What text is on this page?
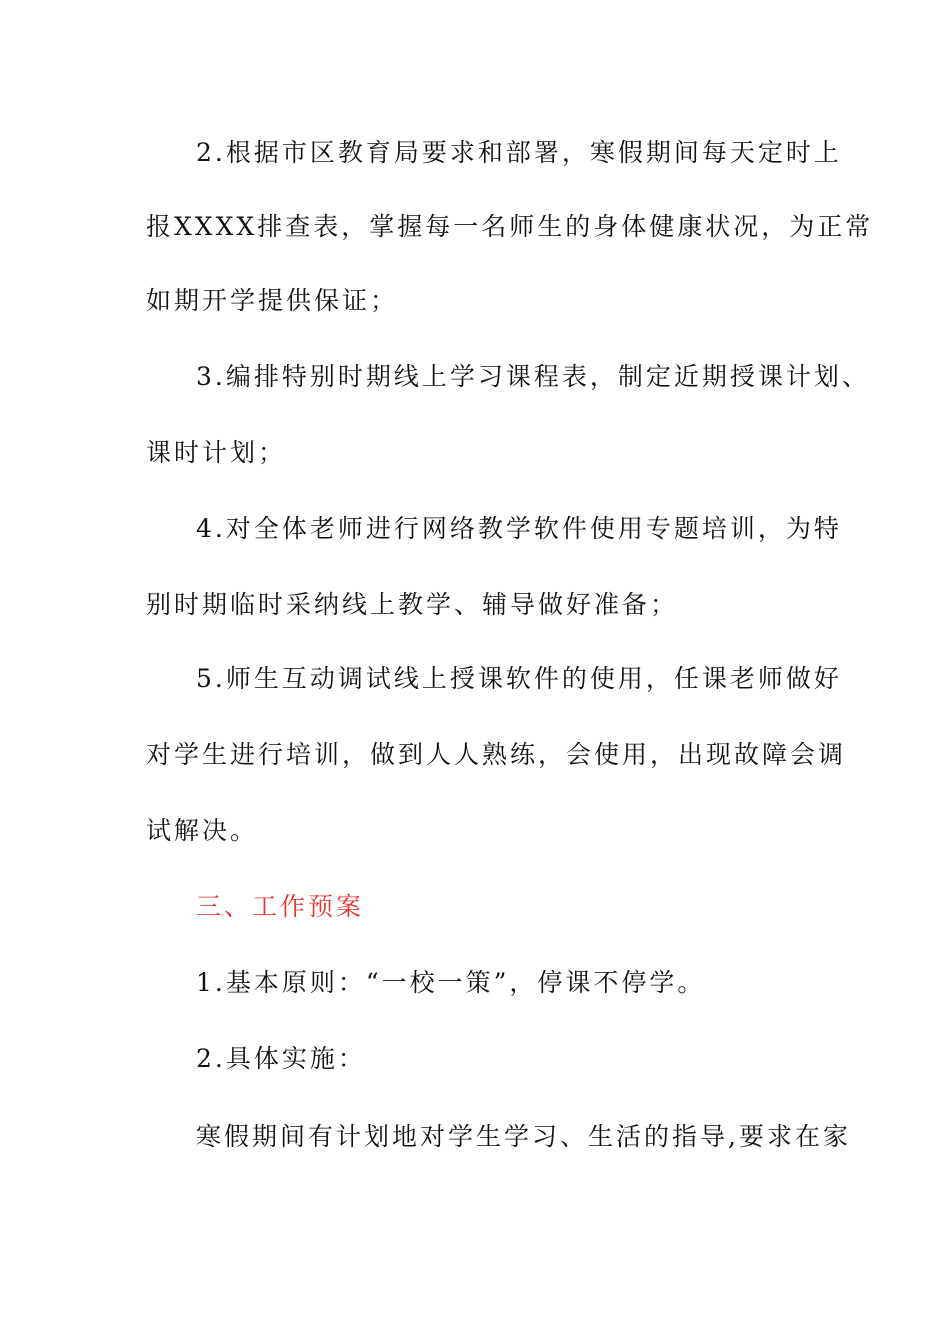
2.根据市区教育局要求和部署，寒假期间每天定时上
报XXXX排查表，掌握每一名师生的身体健康状况，为正常
如期开学提供保证；
3.编排特别时期线上学习课程表，制定近期授课计划、
课时计划；
4.对全体老师进行网络教学软件使用专题培训，为特
别时期临时采纳线上教学、辅导做好准备；
5.师生互动调试线上授课软件的使用，任课老师做好
对学生进行培训，做到人人熟练，会使用，出现故障会调
试解决。
三、工作预案
1.基本原则：“一校一策”，停课不停学。
2.具体实施：
寒假期间有计划地对学生学习、生活的指导,要求在家
